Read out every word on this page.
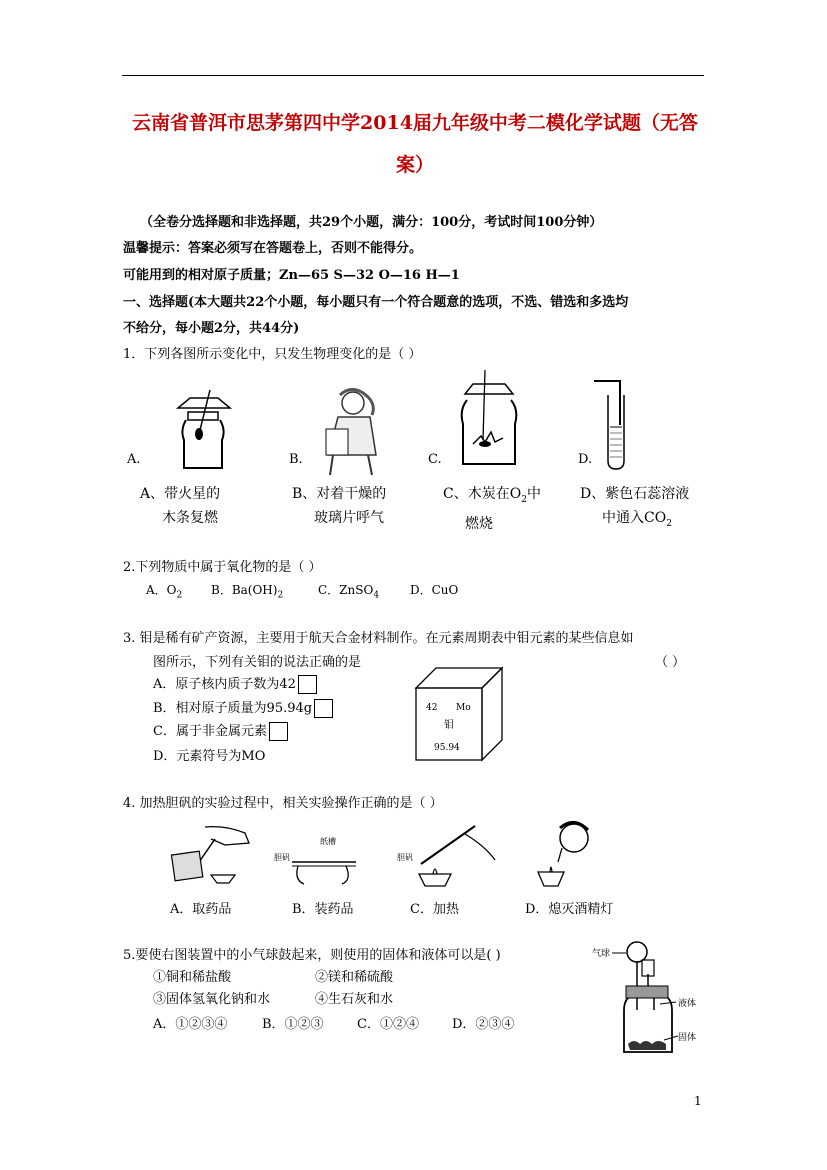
云南省普洱市思茅第四中学2014届九年级中考二模化学试题（无答
案）
（全卷分选择题和非选择题，共29个小题，满分：100分，考试时间100分钟）
温馨提示：答案必须写在答题卷上，否则不能得分。
可能用到的相对原子质量；Zn—65 S—32 O—16 H—1
一、选择题(本大题共22个小题，每小题只有一个符合题意的选项，不选、错选和多选均
不给分，每小题2分，共44分)
1．下列各图所示变化中，只发生物理变化的是（ ）
A.	B.	C.	D.
A、带火星的
木条复燃
B、对着干燥的
玻璃片呼气
C、木炭在$O_2$中
燃烧
D、紫色石蕊溶液
中通入$CO_2$
2.下列物质中属于氧化物的是（ ）
A．$O_2$ B．$Ba(OH)_2$	C．ZnSO$_4$	D．CuO
3. 钼是稀有矿产资源，主要用于航天合金材料制作。在元素周期表中钼元素的某些信息如
图所示，下列有关钼的说法正确的是	（ ）
A．原子核内质子数为42
B．相对原子质量为95.94g
C．属于非金属元素
D．元素符号为MO
42 Mo
钼
95.94
4. 加热胆矾的实验过程中，相关实验操作正确的是（ ）
胆矾
纸槽
胆矾
A．取药品	B．装药品	C．加热	D．熄灭酒精灯
5.要使右图装置中的小气球鼓起来，则使用的固体和液体可以是( )
①铜和稀盐酸	②镁和稀硫酸
③固体氢氧化钠和水	④生石灰和水
A．①②③④	B．①②③	C．①②④	D．②③④
气球
液体
固体
1
